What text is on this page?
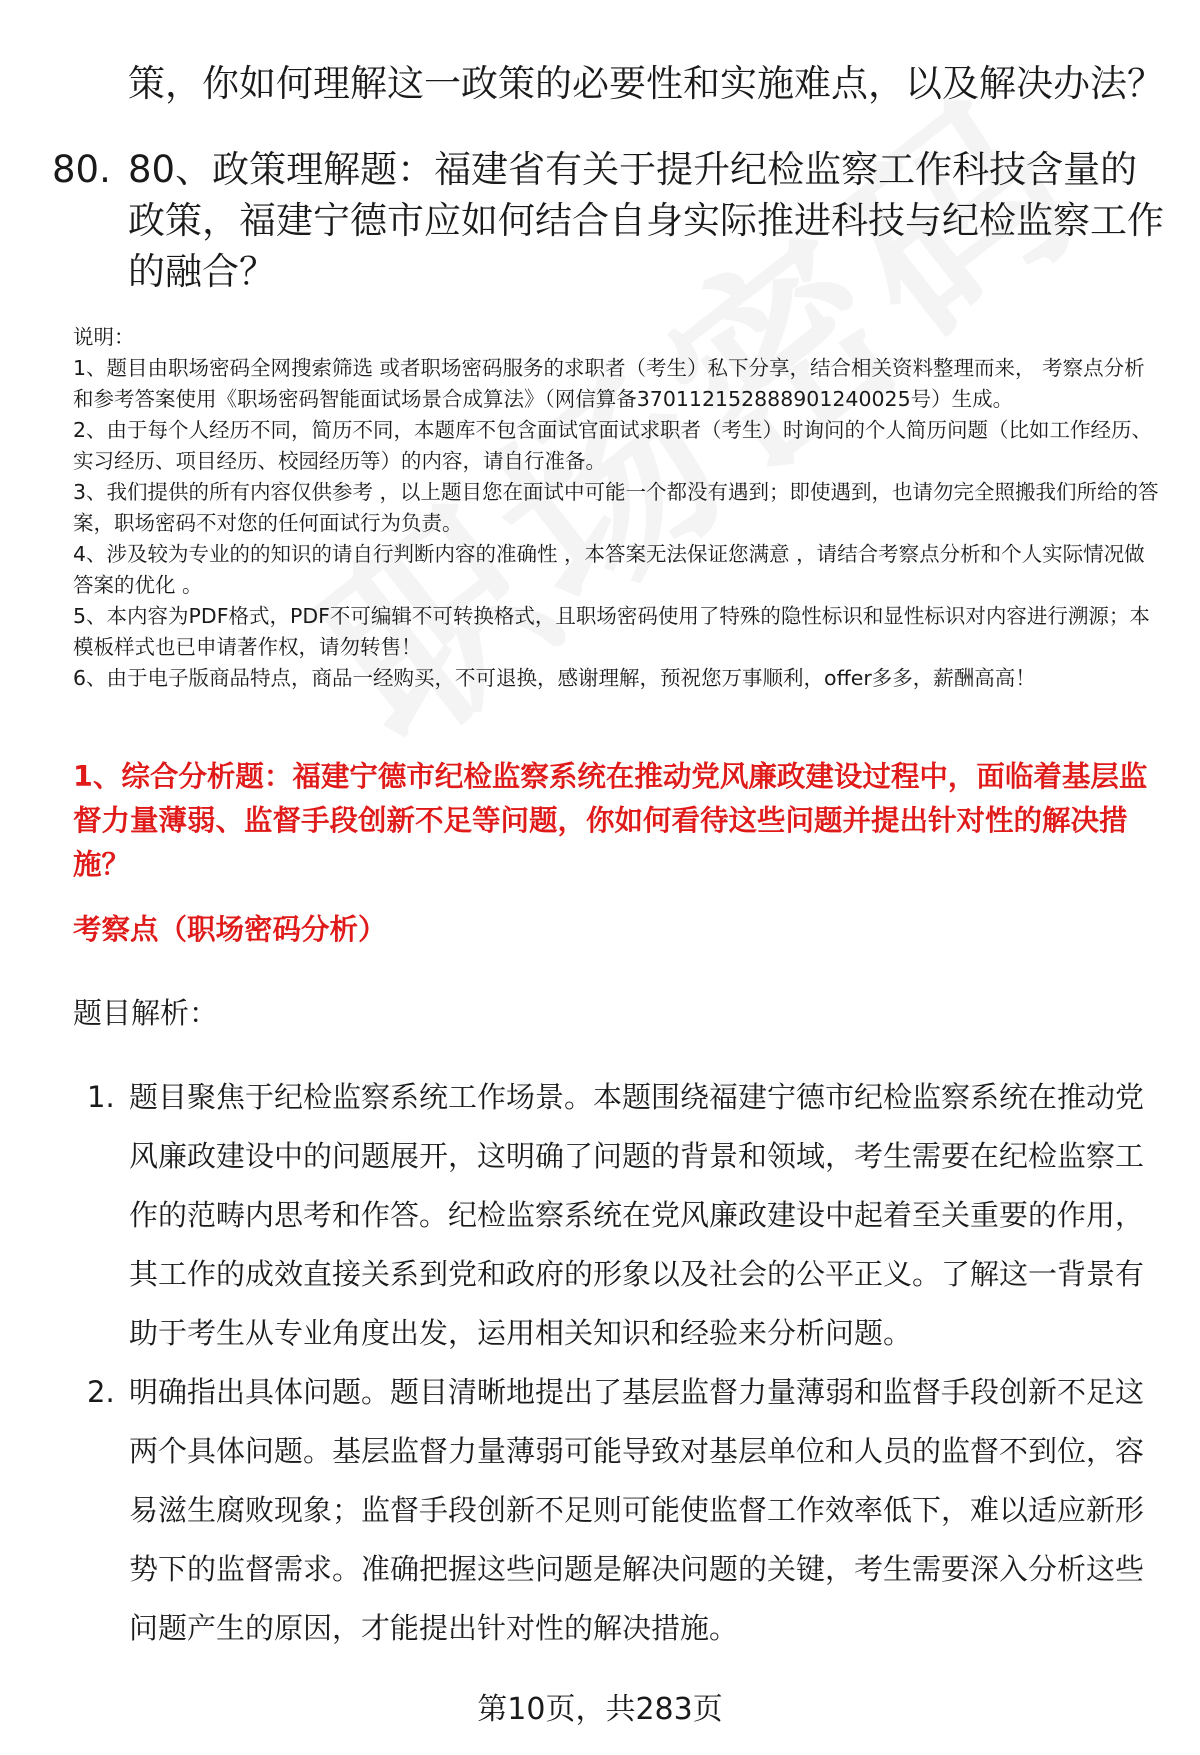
策，你如何理解这一政策的必要性和实施难点，以及解决办法？
80. 80、政策理解题：福建省有关于提升纪检监察工作科技含量的政策，福建宁德市应如何结合自身实际推进科技与纪检监察工作的融合？

说明：

1、题目由职场密码全网搜索筛选 或者职场密码服务的求职者（考生）私下分享，结合相关资料整理而来， 考察点分析和参考答案使用《职场密码智能面试场景合成算法》（网信算备370112152888901240025号）生成。

2、由于每个人经历不同，简历不同，本题库不包含面试官面试求职者（考生）时询问的个人简历问题（比如工作经历、实习经历、项目经历、校园经历等）的内容，请自行准备。

3、我们提供的所有内容仅供参考 ，以上题目您在面试中可能一个都没有遇到；即使遇到，也请勿完全照搬我们所给的答案，职场密码不对您的任何面试行为负责。

4、涉及较为专业的的知识的请自行判断内容的准确性 ，本答案无法保证您满意 ，请结合考察点分析和个人实际情况做答案的优化 。

5、本内容为PDF格式，PDF不可编辑不可转换格式，且职场密码使用了特殊的隐性标识和显性标识对内容进行溯源；本模板样式也已申请著作权，请勿转售！

6、由于电子版商品特点，商品一经购买，不可退换，感谢理解，预祝您万事顺利，offer多多，薪酬高高！

1、综合分析题：福建宁德市纪检监察系统在推动党风廉政建设过程中，面临着基层监督力量薄弱、监督手段创新不足等问题，你如何看待这些问题并提出针对性的解决措施？
考察点（职场密码分析）
题目解析：
1. 题目聚焦于纪检监察系统工作场景。本题围绕福建宁德市纪检监察系统在推动党风廉政建设中的问题展开，这明确了问题的背景和领域，考生需要在纪检监察工作的范畴内思考和作答。纪检监察系统在党风廉政建设中起着至关重要的作用，其工作的成效直接关系到党和政府的形象以及社会的公平正义。了解这一背景有助于考生从专业角度出发，运用相关知识和经验来分析问题。
2. 明确指出具体问题。题目清晰地提出了基层监督力量薄弱和监督手段创新不足这两个具体问题。基层监督力量薄弱可能导致对基层单位和人员的监督不到位，容易滋生腐败现象；监督手段创新不足则可能使监督工作效率低下，难以适应新形势下的监督需求。准确把握这些问题是解决问题的关键，考生需要深入分析这些问题产生的原因，才能提出针对性的解决措施。
第10页，共283页
